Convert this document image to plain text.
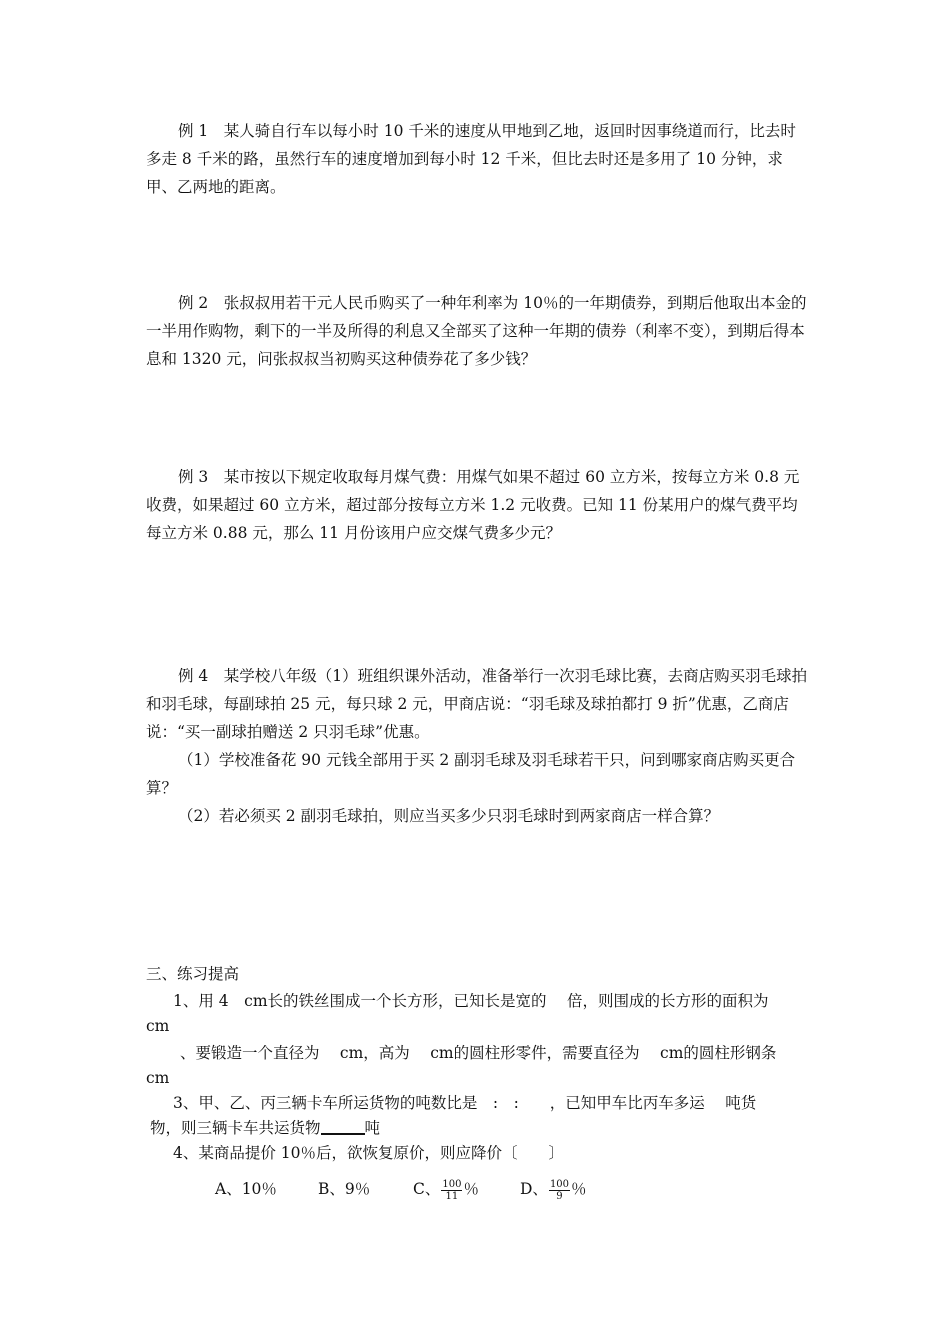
例 1　某人骑自行车以每小时 10 千米的速度从甲地到乙地，返回时因事绕道而行，比去时多走 8 千米的路，虽然行车的速度增加到每小时 12 千米，但比去时还是多用了 10 分钟，求甲、乙两地的距离。

例 2　张叔叔用若干元人民币购买了一种年利率为 10％的一年期债券，到期后他取出本金的一半用作购物，剩下的一半及所得的利息又全部买了这种一年期的债券（利率不变），到期后得本息和 1320 元，问张叔叔当初购买这种债券花了多少钱？

例 3　某市按以下规定收取每月煤气费：用煤气如果不超过 60 立方米，按每立方米 0.8 元收费，如果超过 60 立方米，超过部分按每立方米 1.2 元收费。已知 11 份某用户的煤气费平均每立方米 0.88 元，那么 11 月份该用户应交煤气费多少元？

例 4　某学校八年级（1）班组织课外活动，准备举行一次羽毛球比赛，去商店购买羽毛球拍和羽毛球，每副球拍 25 元，每只球 2 元，甲商店说：“羽毛球及球拍都打 9 折”优惠，乙商店说：“买一副球拍赠送 2 只羽毛球”优惠。

（1）学校准备花 90 元钱全部用于买 2 副羽毛球及羽毛球若干只，问到哪家商店购买更合算？

（2）若必须买 2 副羽毛球拍，则应当买多少只羽毛球时到两家商店一样合算？

三、练习提高
1、用 4　cm长的铁丝围成一个长方形，已知长是宽的　 倍，则围成的长方形的面积为
cm
、要锻造一个直径为　 cm，高为　 cm的圆柱形零件，需要直径为　 cm的圆柱形钢条
cm
3、甲、乙、丙三辆卡车所运货物的吨数比是　:　:　　，已知甲车比丙车多运　 吨货
物，则三辆卡车共运货物	吨
4、某商品提价 10％后，欲恢复原价，则应降价〔　　〕
A、10％	B、9％	C、 $\frac{100}{11}$ ％	D、 $\frac{100}{9}$ ％
